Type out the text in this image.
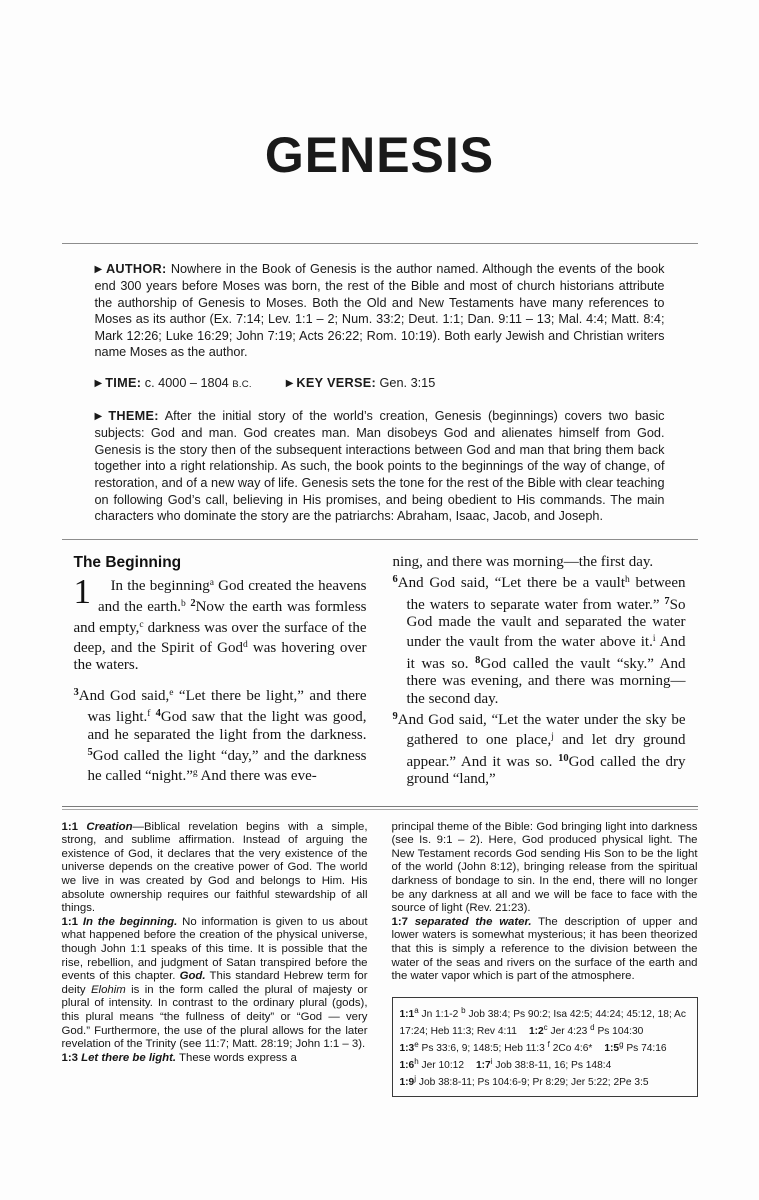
GENESIS

▶ AUTHOR: Nowhere in the Book of Genesis is the author named. Although the events of the book end 300 years before Moses was born, the rest of the Bible and most of church historians attribute the authorship of Genesis to Moses. Both the Old and New Testaments have many references to Moses as its author (Ex. 7:14; Lev. 1:1 – 2; Num. 33:2; Deut. 1:1; Dan. 9:11 – 13; Mal. 4:4; Matt. 8:4; Mark 12:26; Luke 16:29; John 7:19; Acts 26:22; Rom. 10:19). Both early Jewish and Christian writers name Moses as the author.

▶ TIME: c. 4000 – 1804 B.C.	▶ KEY VERSE: Gen. 3:15

▶ THEME: After the initial story of the world’s creation, Genesis (beginnings) covers two basic subjects: God and man. God creates man. Man disobeys God and alienates himself from God. Genesis is the story then of the subsequent interactions between God and man that bring them back together into a right relationship. As such, the book points to the beginnings of the way of change, of restoration, and of a new way of life. Genesis sets the tone for the rest of the Bible with clear teaching on following God’s call, believing in His promises, and being obedient to His commands. The main characters who dominate the story are the patriarchs: Abraham, Isaac, Jacob, and Joseph.

The Beginning

1 In the beginning$^a$ God created the heavens and the earth.$^b$ $^2$Now the earth was formless and empty,$^c$ darkness was over the surface of the deep, and the Spirit of God$^d$ was hovering over the waters.

$^3$And God said,$^e$ “Let there be light,” and there was light.$^f$ $^4$God saw that the light was good, and he separated the light from the darkness. $^5$God called the light “day,” and the darkness he called “night.”$^g$ And there was eve-

ning, and there was morning—the first day.

$^6$And God said, “Let there be a vault$^h$ between the waters to separate water from water.” $^7$So God made the vault and separated the water under the vault from the water above it.$^i$ And it was so. $^8$God called the vault “sky.” And there was evening, and there was morning—the second day.

$^9$And God said, “Let the water under the sky be gathered to one place,$^j$ and let dry ground appear.” And it was so. $^{10}$God called the dry ground “land,”

1:1 Creation—Biblical revelation begins with a simple, strong, and sublime affirmation. Instead of arguing the existence of God, it declares that the very existence of the universe depends on the creative power of God. The world we live in was created by God and belongs to Him. His absolute ownership requires our faithful stewardship of all things.

1:1 In the beginning. No information is given to us about what happened before the creation of the physical universe, though John 1:1 speaks of this time. It is possible that the rise, rebellion, and judgment of Satan transpired before the events of this chapter. God. This standard Hebrew term for deity Elohim is in the form called the plural of majesty or plural of intensity. In contrast to the ordinary plural (gods), this plural means “the fullness of deity” or “God — very God.” Furthermore, the use of the plural allows for the later revelation of the Trinity (see 11:7; Matt. 28:19; John 1:1 – 3).

1:3 Let there be light. These words express a

principal theme of the Bible: God bringing light into darkness (see Is. 9:1 – 2). Here, God produced physical light. The New Testament records God sending His Son to be the light of the world (John 8:12), bringing release from the spiritual darkness of bondage to sin. In the end, there will no longer be any darkness at all and we will be face to face with the source of light (Rev. 21:23).

1:7 separated the water. The description of upper and lower waters is somewhat mysterious; it has been theorized that this is simply a reference to the division between the water of the seas and rivers on the surface of the earth and the water vapor which is part of the atmosphere.

1:1$^a$ Jn 1:1-2 $^b$ Job 38:4; Ps 90:2; Isa 42:5; 44:24; 45:12, 18; Ac 17:24; Heb 11:3; Rev 4:11 1:2$^c$ Jer 4:23 $^d$ Ps 104:30
1:3e Ps 33:6, 9; 148:5; Heb 11:3 $^f$ 2Co 4:6* 1:5$^g$ Ps 74:16
1:6$^h$ Jer 10:12 1:7$^i$ Job 38:8-11, 16; Ps 148:4
1:9$^j$ Job 38:8-11; Ps 104:6-9; Pr 8:29; Jer 5:22; 2Pe 3:5
